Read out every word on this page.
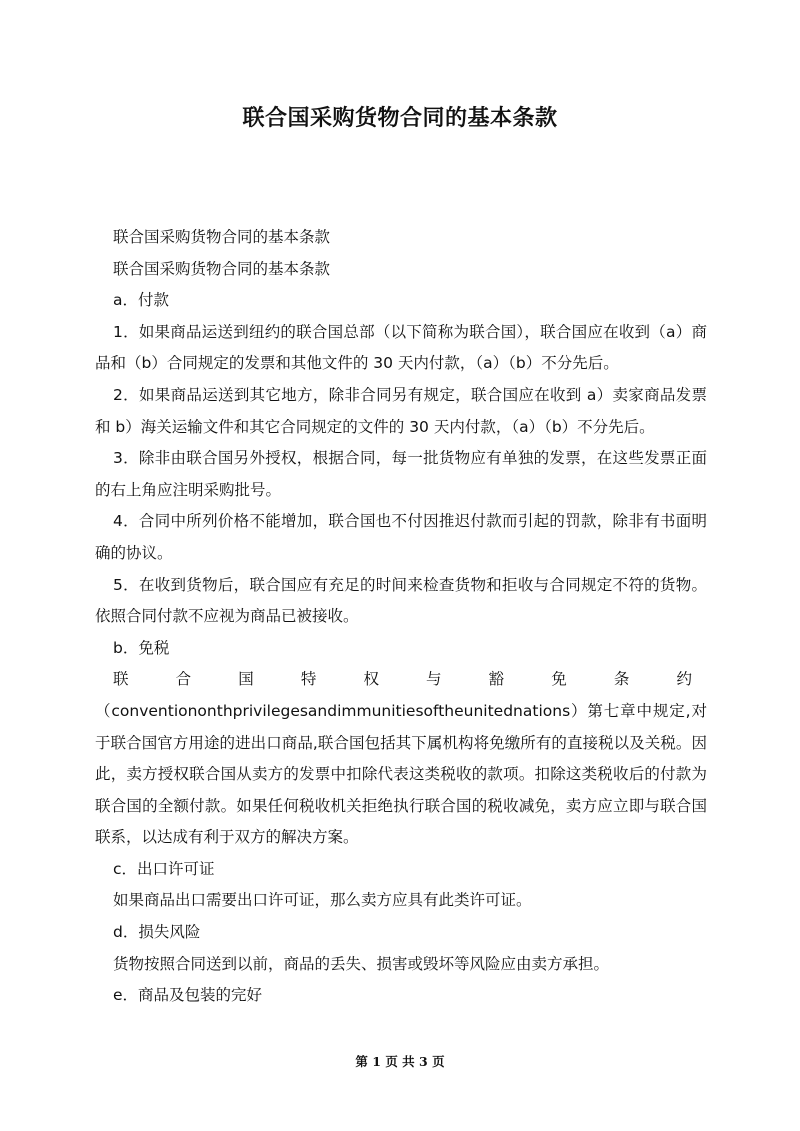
联合国采购货物合同的基本条款

联合国采购货物合同的基本条款

联合国采购货物合同的基本条款

a．付款

1．如果商品运送到纽约的联合国总部（以下简称为联合国），联合国应在收到（a）商品和（b）合同规定的发票和其他文件的 30 天内付款，（a）（b）不分先后。

2．如果商品运送到其它地方，除非合同另有规定，联合国应在收到 a）卖家商品发票和 b）海关运输文件和其它合同规定的文件的 30 天内付款，（a）（b）不分先后。

3．除非由联合国另外授权，根据合同，每一批货物应有单独的发票，在这些发票正面的右上角应注明采购批号。

4．合同中所列价格不能增加，联合国也不付因推迟付款而引起的罚款，除非有书面明确的协议。

5．在收到货物后，联合国应有充足的时间来检查货物和拒收与合同规定不符的货物。依照合同付款不应视为商品已被接收。

b．免税

联	合	国	特	权	与	豁	免	条	约

（conventiononthprivilegesandimmunitiesoftheunitednations）第七章中规定,对于联合国官方用途的进出口商品,联合国包括其下属机构将免缴所有的直接税以及关税。因此，卖方授权联合国从卖方的发票中扣除代表这类税收的款项。扣除这类税收后的付款为联合国的全额付款。如果任何税收机关拒绝执行联合国的税收减免，卖方应立即与联合国联系，以达成有利于双方的解决方案。

c．出口许可证

如果商品出口需要出口许可证，那么卖方应具有此类许可证。

d．损失风险

货物按照合同送到以前，商品的丢失、损害或毁坏等风险应由卖方承担。

e．商品及包装的完好

第 1 页 共 3 页
